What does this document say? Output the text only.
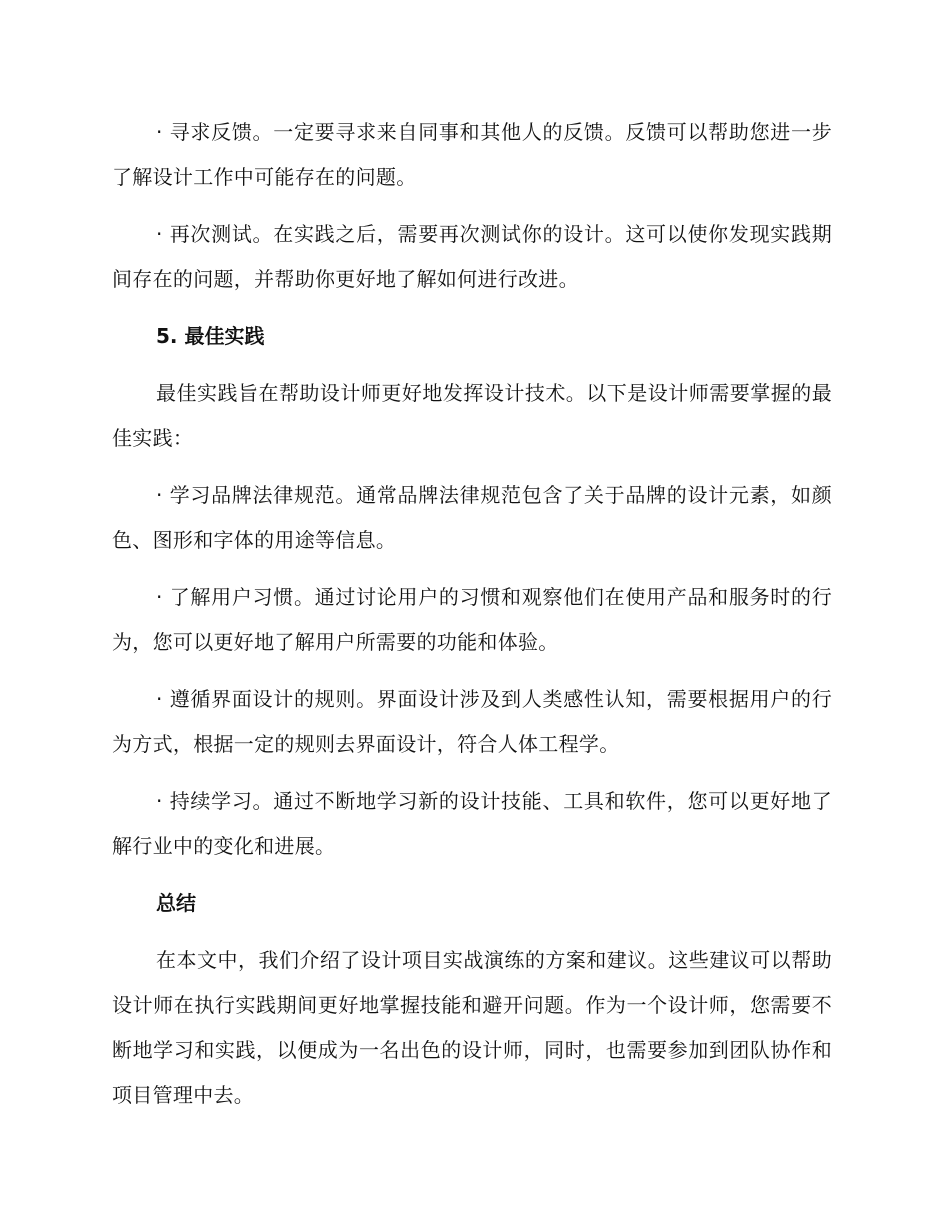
· 寻求反馈。一定要寻求来自同事和其他人的反馈。反馈可以帮助您进一步了解设计工作中可能存在的问题。

· 再次测试。在实践之后，需要再次测试你的设计。这可以使你发现实践期间存在的问题，并帮助你更好地了解如何进行改进。

5. 最佳实践

最佳实践旨在帮助设计师更好地发挥设计技术。以下是设计师需要掌握的最佳实践：

· 学习品牌法律规范。通常品牌法律规范包含了关于品牌的设计元素，如颜色、图形和字体的用途等信息。

· 了解用户习惯。通过讨论用户的习惯和观察他们在使用产品和服务时的行为，您可以更好地了解用户所需要的功能和体验。

· 遵循界面设计的规则。界面设计涉及到人类感性认知，需要根据用户的行为方式，根据一定的规则去界面设计，符合人体工程学。

· 持续学习。通过不断地学习新的设计技能、工具和软件，您可以更好地了解行业中的变化和进展。

总结

在本文中，我们介绍了设计项目实战演练的方案和建议。这些建议可以帮助设计师在执行实践期间更好地掌握技能和避开问题。作为一个设计师，您需要不断地学习和实践，以便成为一名出色的设计师，同时，也需要参加到团队协作和项目管理中去。
